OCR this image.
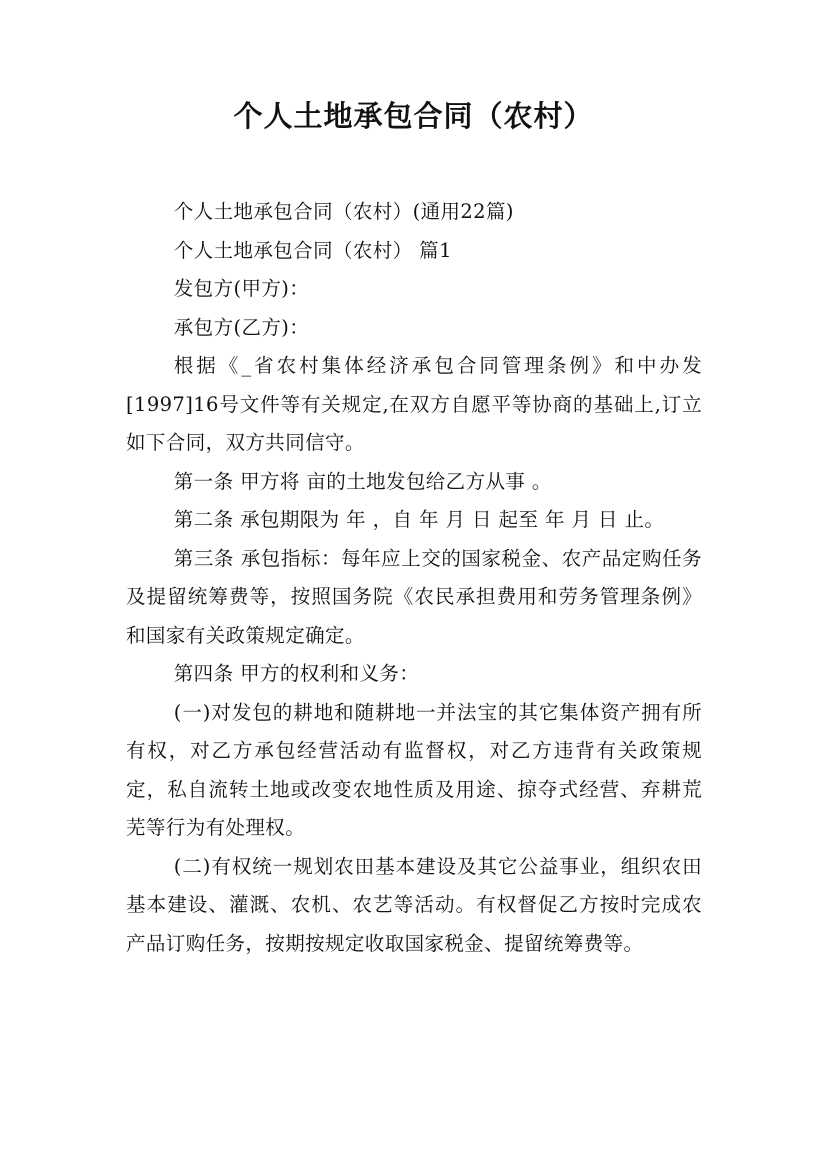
个人土地承包合同（农村）

个人土地承包合同（农村）(通用22篇)

个人土地承包合同（农村） 篇1

发包方(甲方)：

承包方(乙方)：

根据《_省农村集体经济承包合同管理条例》和中办发[1997]16号文件等有关规定,在双方自愿平等协商的基础上,订立如下合同，双方共同信守。

第一条 甲方将 亩的土地发包给乙方从事 。

第二条 承包期限为 年 ，自 年 月 日 起至 年 月 日 止。

第三条 承包指标：每年应上交的国家税金、农产品定购任务及提留统筹费等，按照国务院《农民承担费用和劳务管理条例》和国家有关政策规定确定。

第四条 甲方的权利和义务：

(一)对发包的耕地和随耕地一并法宝的其它集体资产拥有所有权，对乙方承包经营活动有监督权，对乙方违背有关政策规定，私自流转土地或改变农地性质及用途、掠夺式经营、弃耕荒芜等行为有处理权。

(二)有权统一规划农田基本建设及其它公益事业，组织农田基本建设、灌溉、农机、农艺等活动。有权督促乙方按时完成农产品订购任务，按期按规定收取国家税金、提留统筹费等。
